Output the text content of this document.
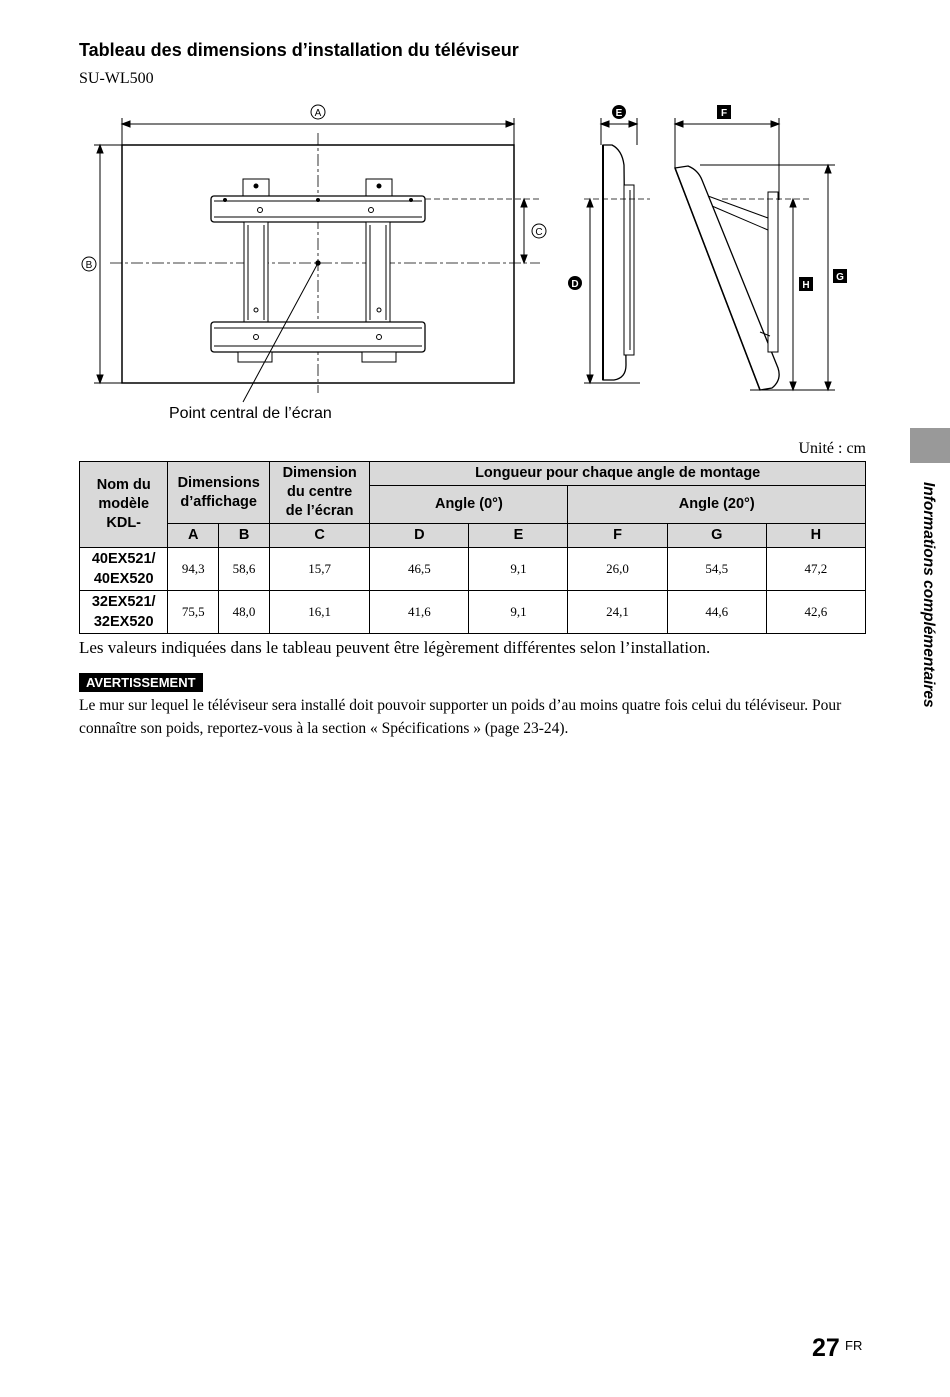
Tableau des dimensions d’installation du téléviseur
SU-WL500
A
B
C
D
E	F
H
G
Point central de l’écran
Unité : cm
Nom du
modèle
KDL-	Dimensions
d’affichage		Dimension
du centre
de l’écran	Longueur pour chaque angle de montage				
				Angle (0°)		Angle (20°)		
	A	B	C	D	E	F	G	H
40EX521/
40EX520	94,3	58,6	15,7	46,5	9,1	26,0	54,5	47,2
32EX521/
32EX520	75,5	48,0	16,1	41,6	9,1	24,1	44,6	42,6
Les valeurs indiquées dans le tableau peuvent être légèrement différentes selon l’installation.
AVERTISSEMENT
Le mur sur lequel le téléviseur sera installé doit pouvoir supporter un poids d’au moins quatre fois celui du téléviseur. Pour connaître son poids, reportez-vous à la section « Spécifications » (page 23-24).
Informations complémentaires
27 FR
